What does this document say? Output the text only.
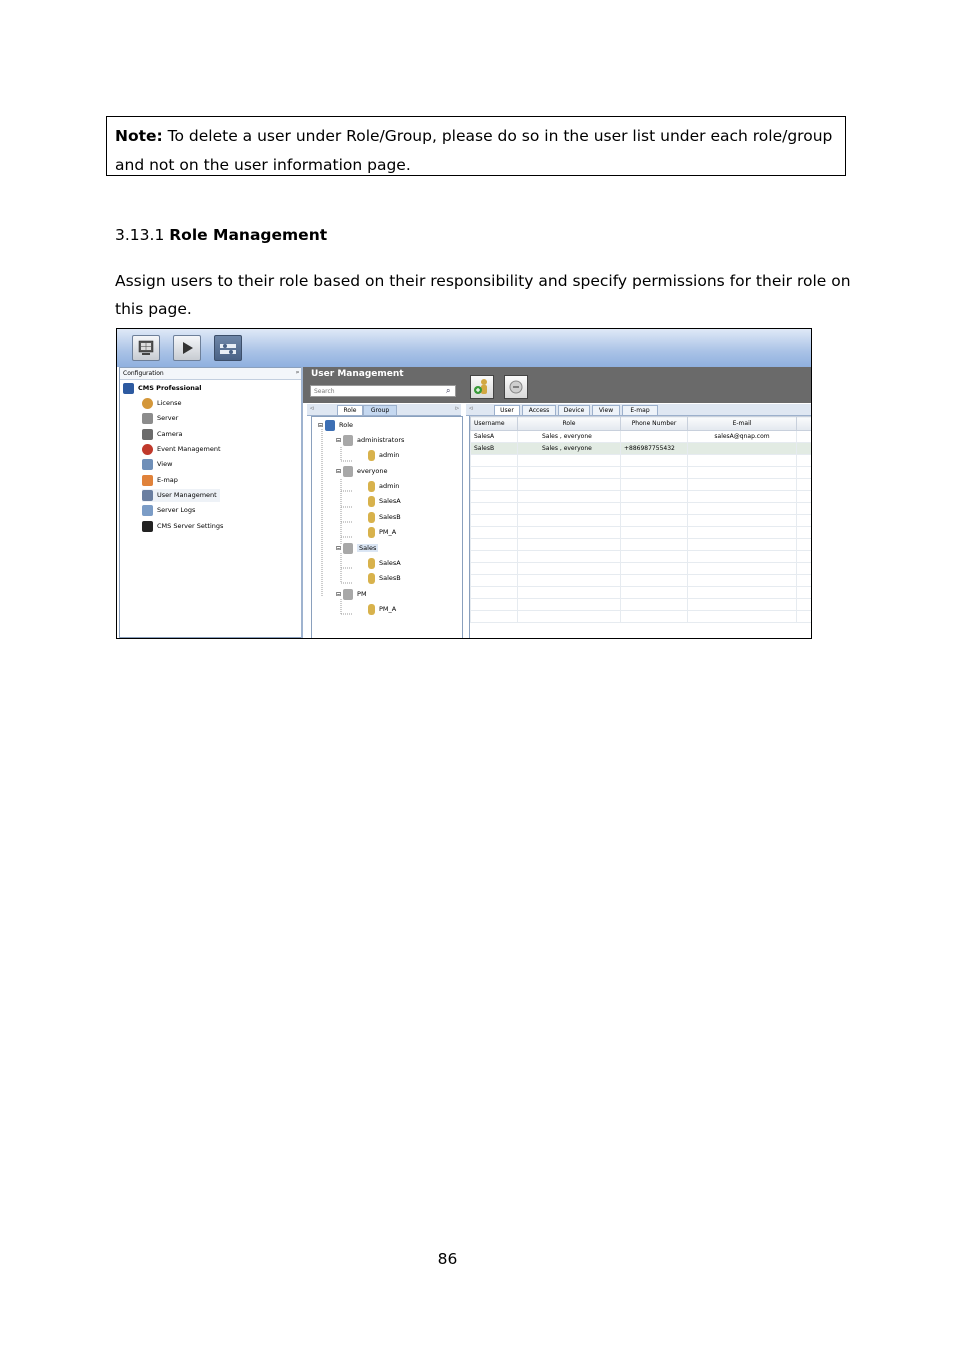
Note: To delete a user under Role/Group, please do so in the user list under each role/group and not on the user information page.
3.13.1 Role Management
Assign users to their role based on their responsibility and specify permissions for their role on this page.
Configuration	ᵖ
CMS Professional
License
Server
Camera
Event Management
View
E-map
User Management
Server Logs
CMS Server Settings
User Management
Search	⌕
◃	Role	Group	▹ ◃	User	Access	Device	View	E-map
⊟ Role
⊟ administrators
admin
⊟ everyone
admin
SalesA
SalesB
PM_A
⊟	Sales
SalesA
SalesB
⊟ PM
PM_A
Username	Role	Phone Number	E-mail	
SalesA	Sales , everyone		salesA@qnap.com	
SalesB	Sales , everyone	+886987755432		

86
